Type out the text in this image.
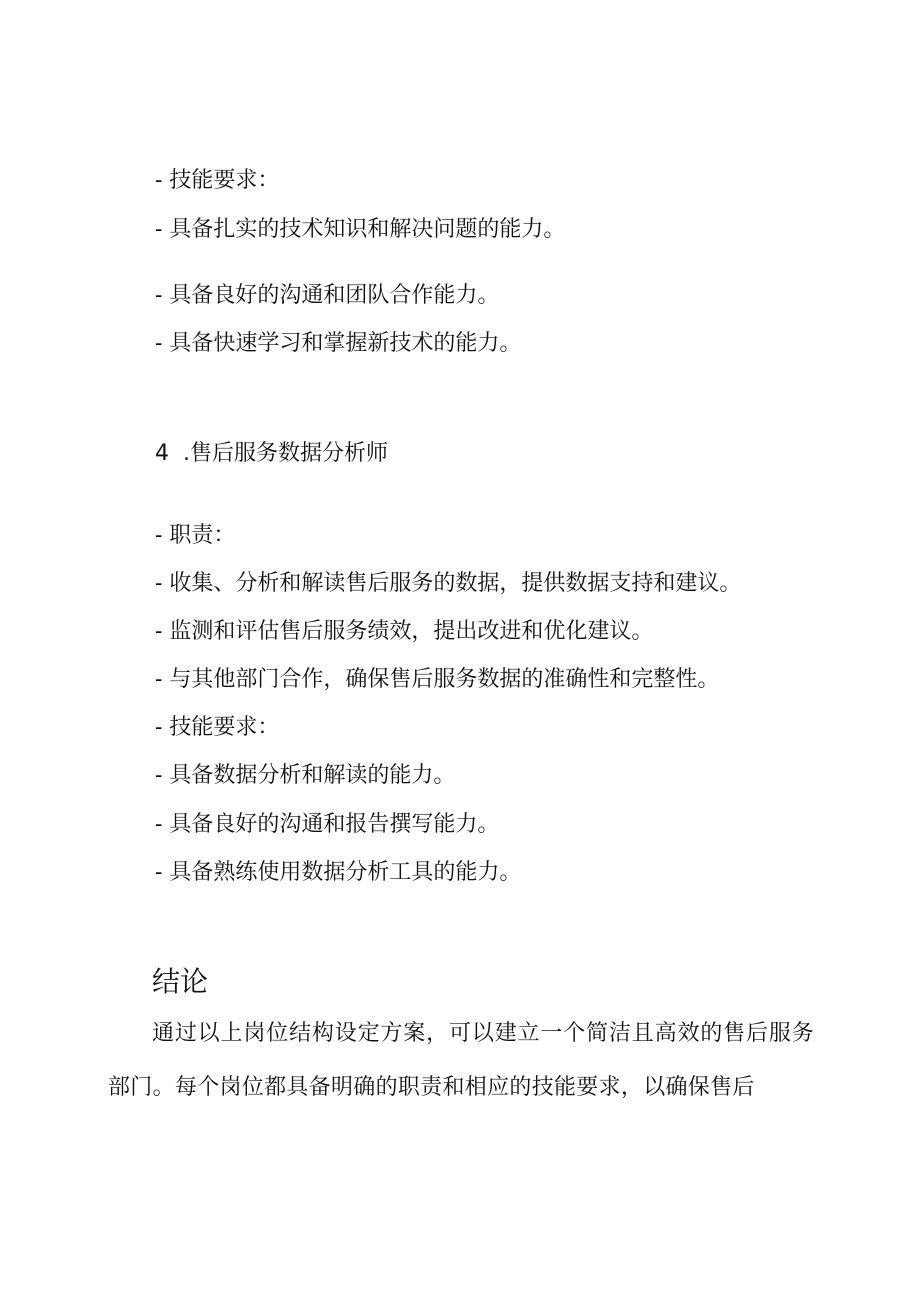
- 技能要求：
- 具备扎实的技术知识和解决问题的能力。
- 具备良好的沟通和团队合作能力。
- 具备快速学习和掌握新技术的能力。
4 .售后服务数据分析师
- 职责：
- 收集、分析和解读售后服务的数据，提供数据支持和建议。
- 监测和评估售后服务绩效，提出改进和优化建议。
- 与其他部门合作，确保售后服务数据的准确性和完整性。
- 技能要求：
- 具备数据分析和解读的能力。
- 具备良好的沟通和报告撰写能力。
- 具备熟练使用数据分析工具的能力。
结论
通过以上岗位结构设定方案，可以建立一个简洁且高效的售后服务部门。每个岗位都具备明确的职责和相应的技能要求，以确保售后
